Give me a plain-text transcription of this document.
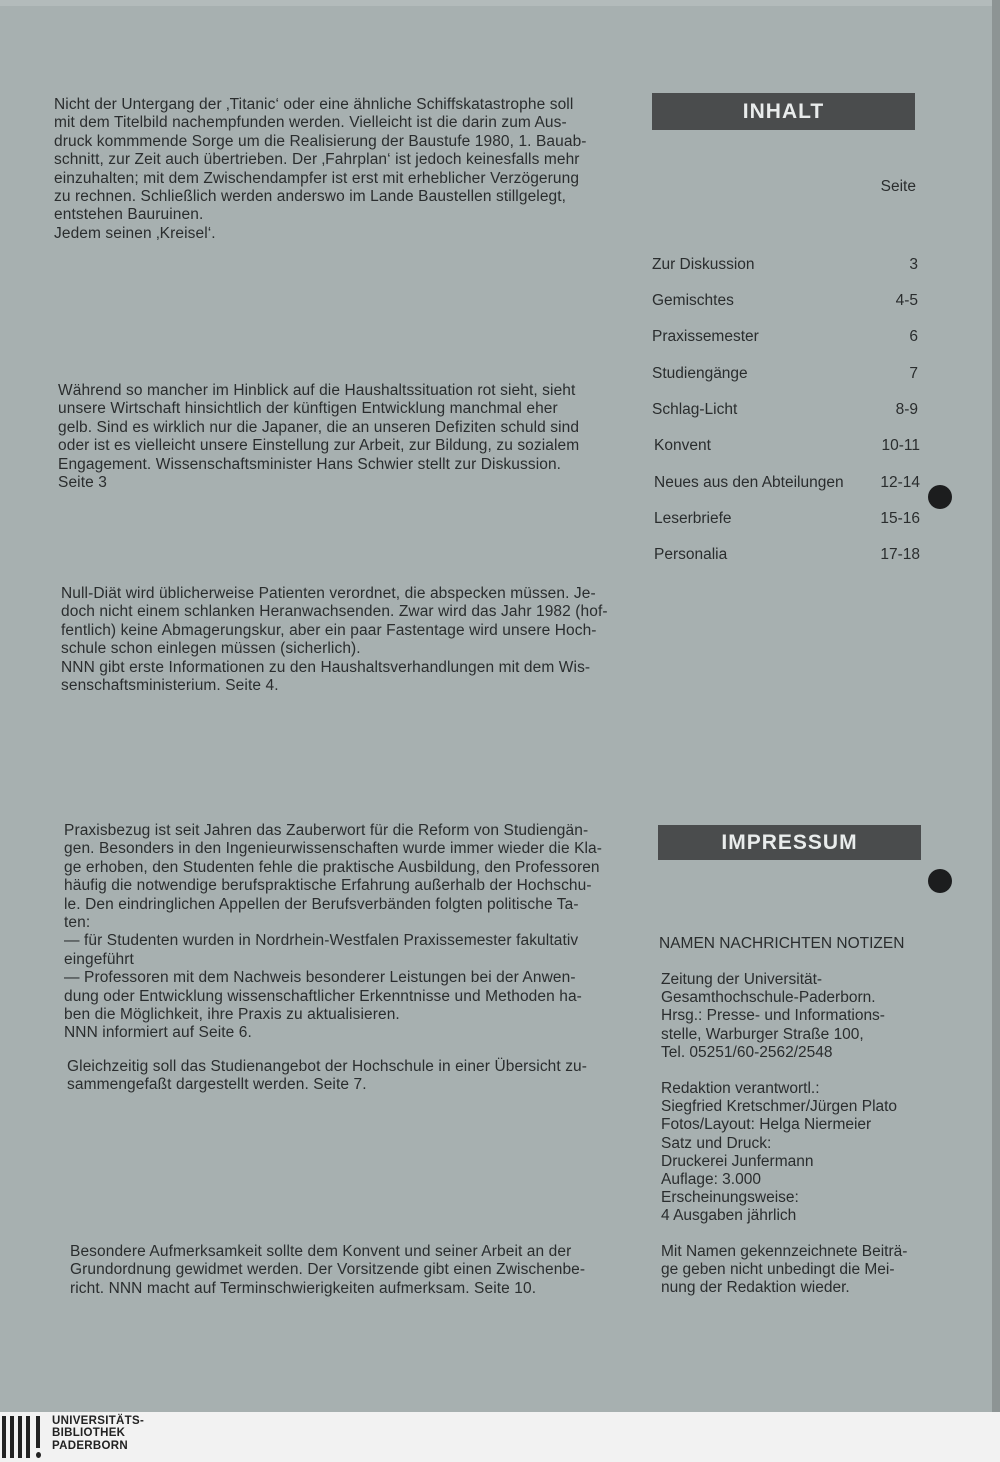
Nicht der Untergang der ‚Titanic‘ oder eine ähnliche Schiffskatastrophe soll
mit dem Titelbild nachempfunden werden. Vielleicht ist die darin zum Aus-
druck kommmende Sorge um die Realisierung der Baustufe 1980, 1. Bauab-
schnitt, zur Zeit auch übertrieben. Der ‚Fahrplan‘ ist jedoch keinesfalls mehr
einzuhalten; mit dem Zwischendampfer ist erst mit erheblicher Verzögerung
zu rechnen. Schließlich werden anderswo im Lande Baustellen stillgelegt,
entstehen Bauruinen.
Jedem seinen ‚Kreisel‘.
Während so mancher im Hinblick auf die Haushaltssituation rot sieht, sieht
unsere Wirtschaft hinsichtlich der künftigen Entwicklung manchmal eher
gelb. Sind es wirklich nur die Japaner, die an unseren Defiziten schuld sind
oder ist es vielleicht unsere Einstellung zur Arbeit, zur Bildung, zu sozialem
Engagement. Wissenschaftsminister Hans Schwier stellt zur Diskussion.
Seite 3
Null-Diät wird üblicherweise Patienten verordnet, die abspecken müssen. Je-
doch nicht einem schlanken Heranwachsenden. Zwar wird das Jahr 1982 (hof-
fentlich) keine Abmagerungskur, aber ein paar Fastentage wird unsere Hoch-
schule schon einlegen müssen (sicherlich).
NNN gibt erste Informationen zu den Haushaltsverhandlungen mit dem Wis-
senschaftsministerium. Seite 4.
Praxisbezug ist seit Jahren das Zauberwort für die Reform von Studiengän-
gen. Besonders in den Ingenieurwissenschaften wurde immer wieder die Kla-
ge erhoben, den Studenten fehle die praktische Ausbildung, den Professoren
häufig die notwendige berufspraktische Erfahrung außerhalb der Hochschu-
le. Den eindringlichen Appellen der Berufsverbänden folgten politische Ta-
ten:
— für Studenten wurden in Nordrhein-Westfalen Praxissemester fakultativ
eingeführt
— Professoren mit dem Nachweis besonderer Leistungen bei der Anwen-
dung oder Entwicklung wissenschaftlicher Erkenntnisse und Methoden ha-
ben die Möglichkeit, ihre Praxis zu aktualisieren.
NNN informiert auf Seite 6.
Gleichzeitig soll das Studienangebot der Hochschule in einer Übersicht zu-
sammengefaßt dargestellt werden. Seite 7.
Besondere Aufmerksamkeit sollte dem Konvent und seiner Arbeit an der
Grundordnung gewidmet werden. Der Vorsitzende gibt einen Zwischenbe-
richt. NNN macht auf Terminschwierigkeiten aufmerksam. Seite 10.
INHALT
Seite
Zur Diskussion	3
Gemischtes	4-5
Praxissemester	6
Studiengänge	7
Schlag-Licht	8-9
Konvent	10-11
Neues aus den Abteilungen 12-14
Leserbriefe	15-16
Personalia	17-18
IMPRESSUM
NAMEN NACHRICHTEN NOTIZEN
Zeitung der Universität-
Gesamthochschule-Paderborn.
Hrsg.: Presse- und Informations-
stelle, Warburger Straße 100,
Tel. 05251/60-2562/2548
Redaktion verantwortl.:
Siegfried Kretschmer/Jürgen Plato
Fotos/Layout: Helga Niermeier
Satz und Druck:
Druckerei Junfermann
Auflage: 3.000
Erscheinungsweise:
4 Ausgaben jährlich
Mit Namen gekennzeichnete Beiträ-
ge geben nicht unbedingt die Mei-
nung der Redaktion wieder.
UNIVERSITÄTS-
BIBLIOTHEK
PADERBORN
